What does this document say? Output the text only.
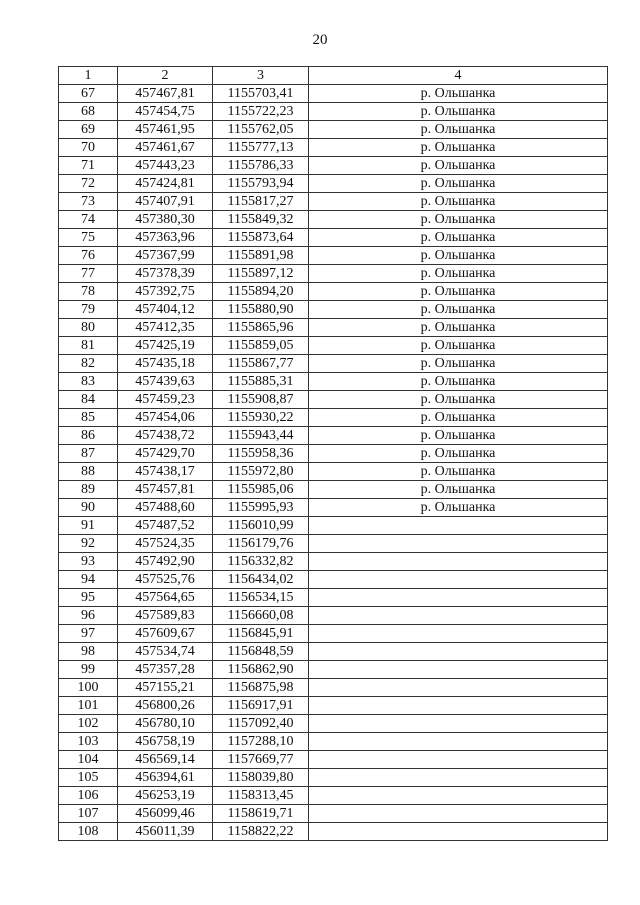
20
1	2	3	4
67	457467,81	1155703,41	р. Ольшанка
68	457454,75	1155722,23	р. Ольшанка
69	457461,95	1155762,05	р. Ольшанка
70	457461,67	1155777,13	р. Ольшанка
71	457443,23	1155786,33	р. Ольшанка
72	457424,81	1155793,94	р. Ольшанка
73	457407,91	1155817,27	р. Ольшанка
74	457380,30	1155849,32	р. Ольшанка
75	457363,96	1155873,64	р. Ольшанка
76	457367,99	1155891,98	р. Ольшанка
77	457378,39	1155897,12	р. Ольшанка
78	457392,75	1155894,20	р. Ольшанка
79	457404,12	1155880,90	р. Ольшанка
80	457412,35	1155865,96	р. Ольшанка
81	457425,19	1155859,05	р. Ольшанка
82	457435,18	1155867,77	р. Ольшанка
83	457439,63	1155885,31	р. Ольшанка
84	457459,23	1155908,87	р. Ольшанка
85	457454,06	1155930,22	р. Ольшанка
86	457438,72	1155943,44	р. Ольшанка
87	457429,70	1155958,36	р. Ольшанка
88	457438,17	1155972,80	р. Ольшанка
89	457457,81	1155985,06	р. Ольшанка
90	457488,60	1155995,93	р. Ольшанка
91	457487,52	1156010,99	
92	457524,35	1156179,76	
93	457492,90	1156332,82	
94	457525,76	1156434,02	
95	457564,65	1156534,15	
96	457589,83	1156660,08	
97	457609,67	1156845,91	
98	457534,74	1156848,59	
99	457357,28	1156862,90	
100	457155,21	1156875,98	
101	456800,26	1156917,91	
102	456780,10	1157092,40	
103	456758,19	1157288,10	
104	456569,14	1157669,77	
105	456394,61	1158039,80	
106	456253,19	1158313,45	
107	456099,46	1158619,71	
108	456011,39	1158822,22	
